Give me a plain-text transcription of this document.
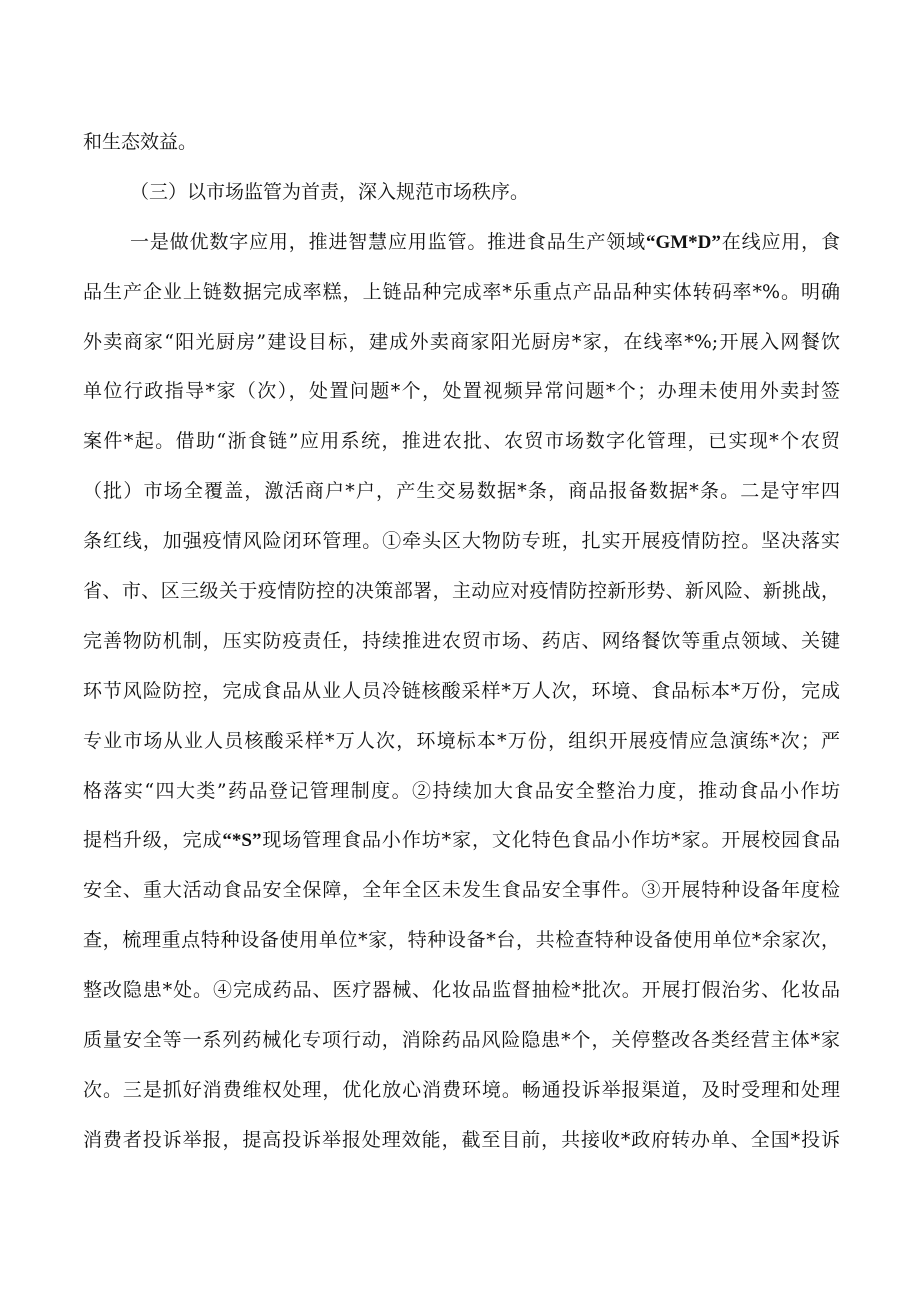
和生态效益。
（三）以市场监管为首责，深入规范市场秩序。
一是做优数字应用，推进智慧应用监管。推进食品生产领域“GM*D”在线应用，食
品生产企业上链数据完成率糕，上链品种完成率*乐重点产品品种实体转码率*%。明确
外卖商家“阳光厨房”建设目标，建成外卖商家阳光厨房*家，在线率*%;开展入网餐饮
单位行政指导*家（次），处置问题*个，处置视频异常问题*个；办理未使用外卖封签
案件*起。借助“浙食链”应用系统，推进农批、农贸市场数字化管理，已实现*个农贸
（批）市场全覆盖，激活商户*户，产生交易数据*条，商品报备数据*条。二是守牢四
条红线，加强疫情风险闭环管理。①牵头区大物防专班，扎实开展疫情防控。坚决落实
省、市、区三级关于疫情防控的决策部署，主动应对疫情防控新形势、新风险、新挑战，
完善物防机制，压实防疫责任，持续推进农贸市场、药店、网络餐饮等重点领域、关键
环节风险防控，完成食品从业人员冷链核酸采样*万人次，环境、食品标本*万份，完成
专业市场从业人员核酸采样*万人次，环境标本*万份，组织开展疫情应急演练*次；严
格落实“四大类”药品登记管理制度。②持续加大食品安全整治力度，推动食品小作坊
提档升级，完成“*S”现场管理食品小作坊*家，文化特色食品小作坊*家。开展校园食品
安全、重大活动食品安全保障，全年全区未发生食品安全事件。③开展特种设备年度检
查，梳理重点特种设备使用单位*家，特种设备*台，共检查特种设备使用单位*余家次，
整改隐患*处。④完成药品、医疗器械、化妆品监督抽检*批次。开展打假治劣、化妆品
质量安全等一系列药械化专项行动，消除药品风险隐患*个，关停整改各类经营主体*家
次。三是抓好消费维权处理，优化放心消费环境。畅通投诉举报渠道，及时受理和处理
消费者投诉举报，提高投诉举报处理效能，截至目前，共接收*政府转办单、全国*投诉
